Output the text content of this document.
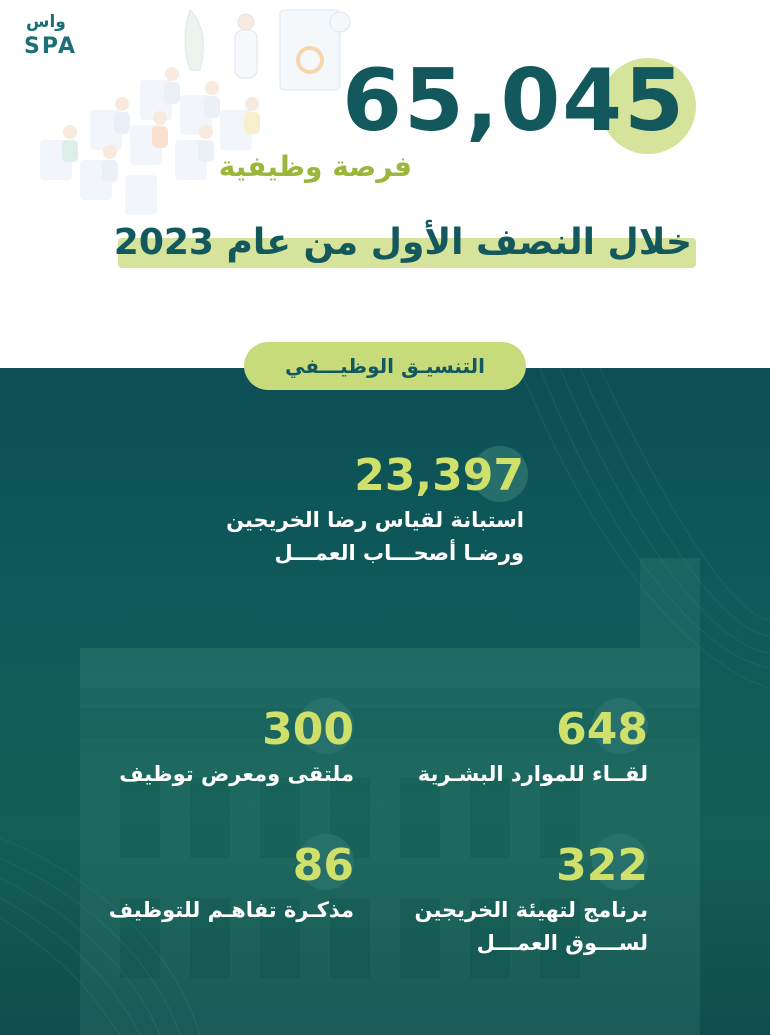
واس
SPA
65,045
فرصة وظيفية
خلال النصف الأول من عام 2023
التنسيـق الوظيـــفي
23,397
استبانة لقياس رضا الخريجين
ورضـا أصحـــاب العمـــل
648
لقــاء للموارد البشـرية
300
ملتقى ومعرض توظيف
322
برنامج لتهيئة الخريجين
لســـوق العمـــل
86
مذكـرة تفاهـم للتوظيف
